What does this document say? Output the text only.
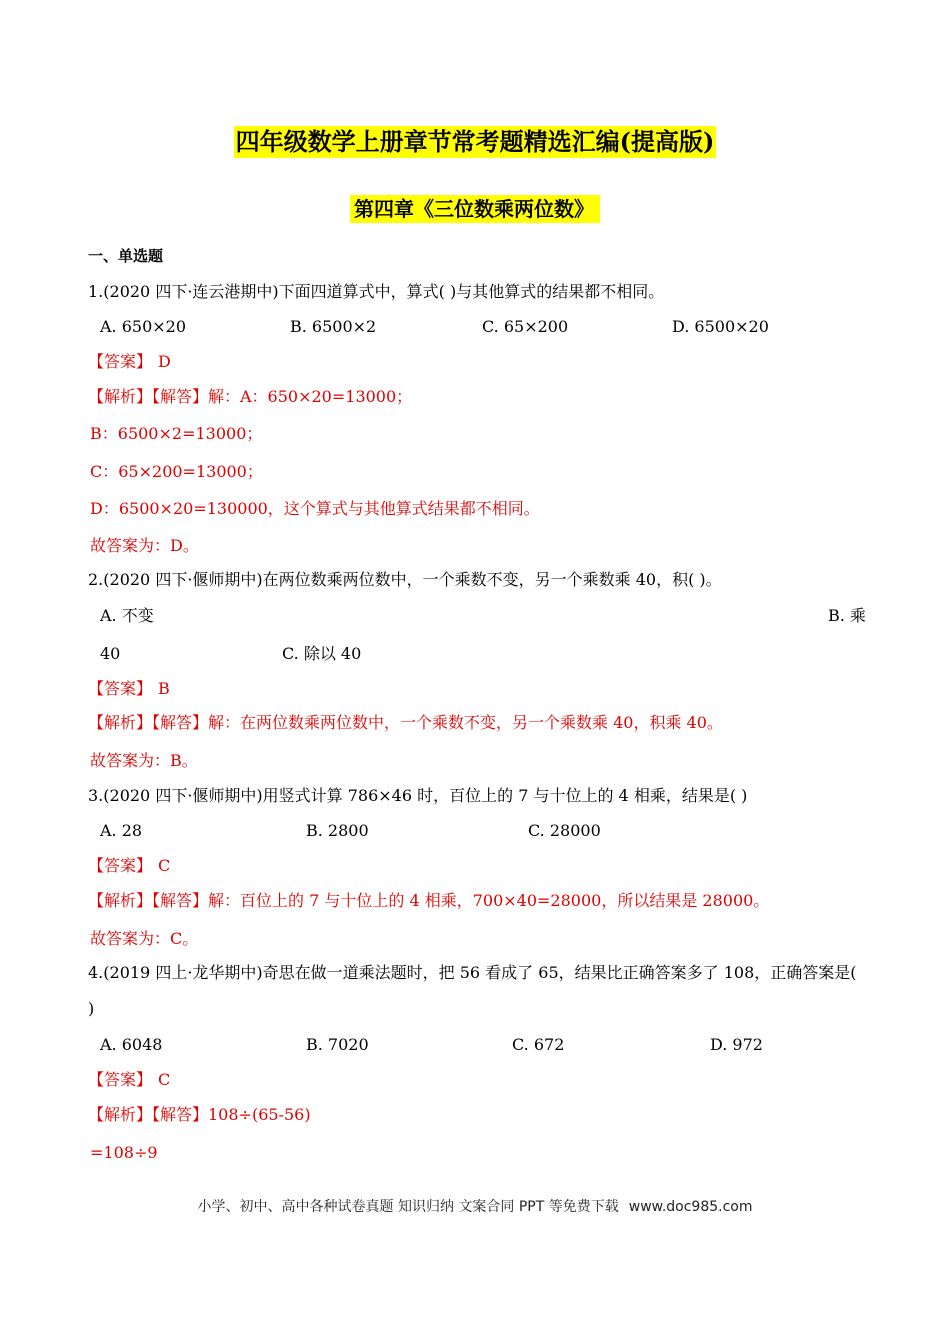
四年级数学上册章节常考题精选汇编(提高版)
第四章《三位数乘两位数》
一、单选题
1.(2020 四下·连云港期中)下面四道算式中，算式( )与其他算式的结果都不相同。
A. 650×20	B. 6500×2	C. 65×200	D. 6500×20
【答案】 D
【解析】【解答】解：A：650×20=13000；
B：6500×2=13000；
C：65×200=13000；
D：6500×20=130000，这个算式与其他算式结果都不相同。
故答案为：D。
2.(2020 四下·偃师期中)在两位数乘两位数中，一个乘数不变，另一个乘数乘 40，积( )。
A. 不变	B. 乘
40	C. 除以 40
【答案】 B
【解析】【解答】解：在两位数乘两位数中，一个乘数不变，另一个乘数乘 40，积乘 40。
故答案为：B。
3.(2020 四下·偃师期中)用竖式计算 786×46 时，百位上的 7 与十位上的 4 相乘，结果是( )
A. 28	B. 2800	C. 28000
【答案】 C
【解析】【解答】解：百位上的 7 与十位上的 4 相乘，700×40=28000，所以结果是 28000。
故答案为：C。
4.(2019 四上·龙华期中)奇思在做一道乘法题时，把 56 看成了 65，结果比正确答案多了 108，正确答案是(
)
A. 6048	B. 7020	C. 672	D. 972
【答案】 C
【解析】【解答】108÷(65-56)
=108÷9
小学、初中、高中各种试卷真题 知识归纳 文案合同 PPT 等免费下载 www.doc985.com
